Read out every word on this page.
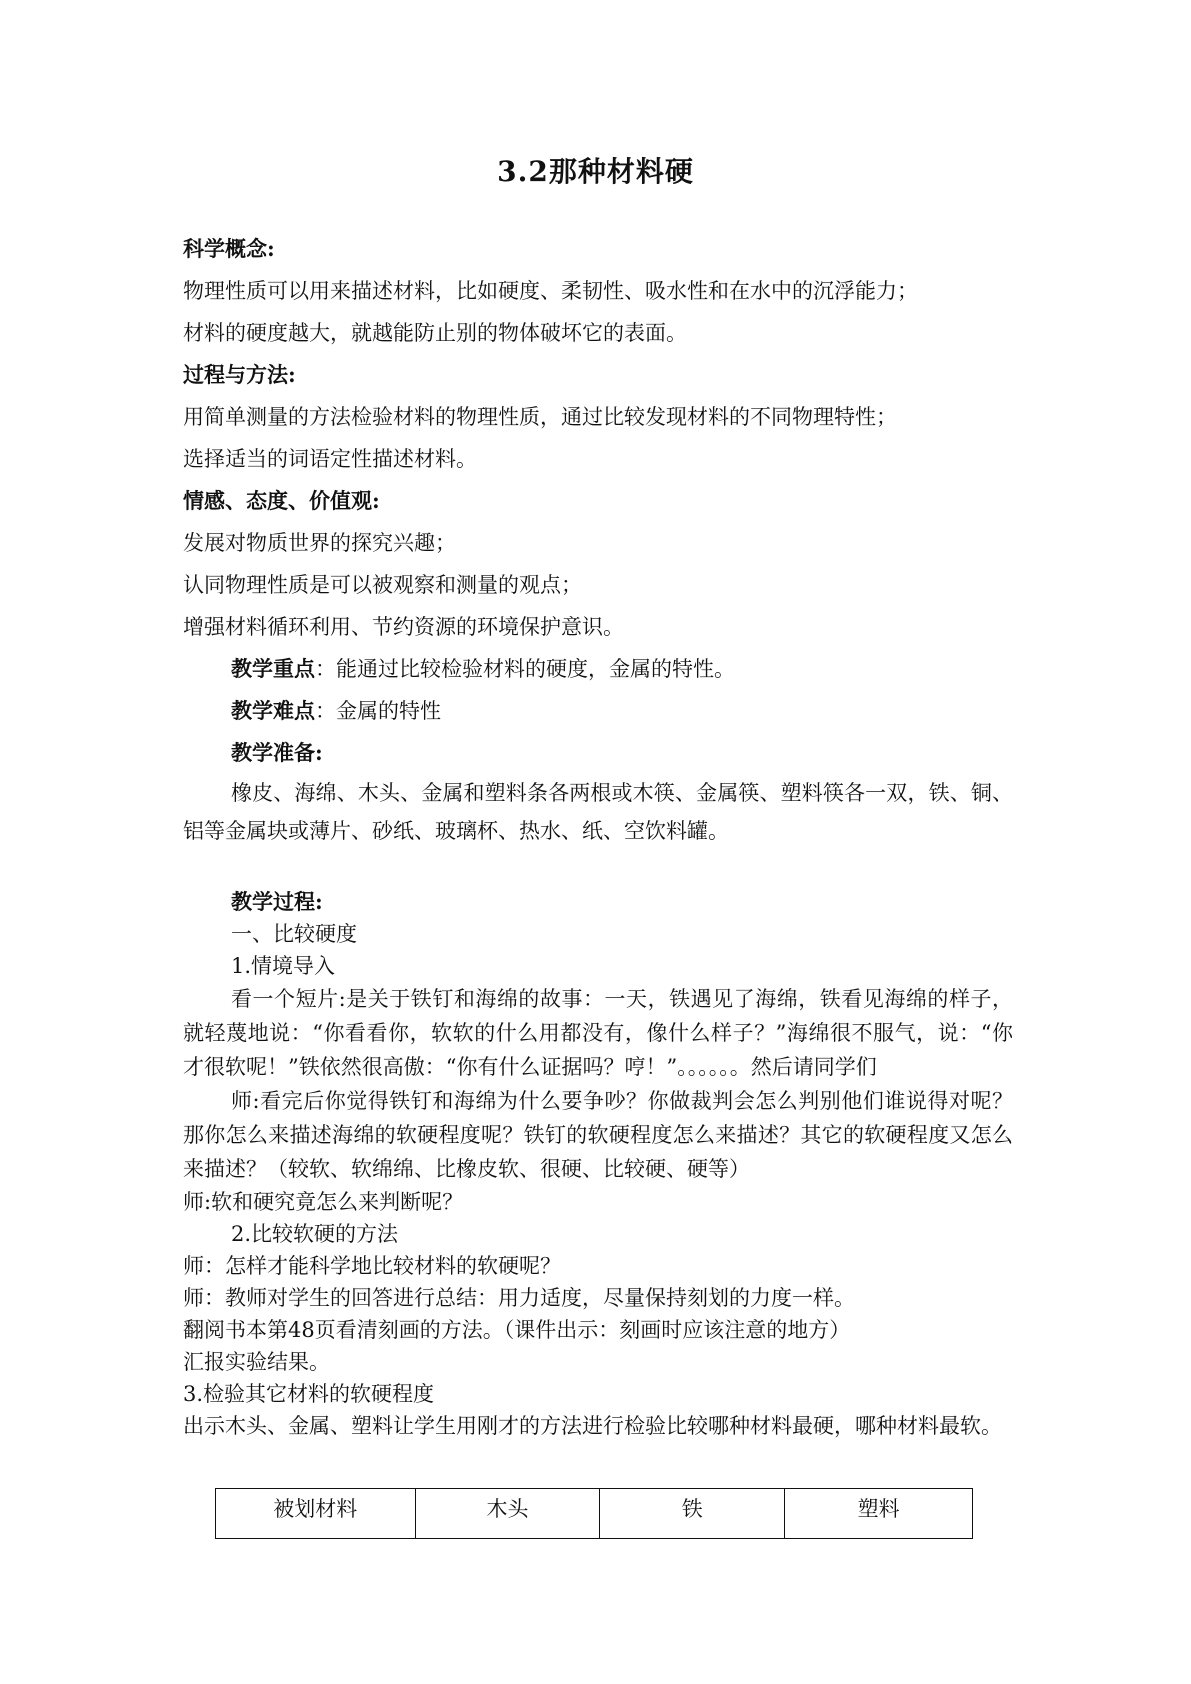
3.2那种材料硬

科学概念:

物理性质可以用来描述材料，比如硬度、柔韧性、吸水性和在水中的沉浮能力；

材料的硬度越大，就越能防止别的物体破坏它的表面。

过程与方法:

用简单测量的方法检验材料的物理性质，通过比较发现材料的不同物理特性；

选择适当的词语定性描述材料。

情感、态度、价值观:

发展对物质世界的探究兴趣；

认同物理性质是可以被观察和测量的观点；

增强材料循环利用、节约资源的环境保护意识。

教学重点：能通过比较检验材料的硬度，金属的特性。

教学难点：金属的特性

教学准备:

橡皮、海绵、木头、金属和塑料条各两根或木筷、金属筷、塑料筷各一双，铁、铜、铝等金属块或薄片、砂纸、玻璃杯、热水、纸、空饮料罐。

教学过程:

一、比较硬度

1.情境导入

看一个短片:是关于铁钉和海绵的故事：一天，铁遇见了海绵，铁看见海绵的样子，就轻蔑地说：“你看看你，软软的什么用都没有，像什么样子？”海绵很不服气，说：“你才很软呢！”铁依然很高傲：“你有什么证据吗？哼！”。。。。。。然后请同学们

师:看完后你觉得铁钉和海绵为什么要争吵？你做裁判会怎么判别他们谁说得对呢？那你怎么来描述海绵的软硬程度呢？铁钉的软硬程度怎么来描述？其它的软硬程度又怎么来描述？（较软、软绵绵、比橡皮软、很硬、比较硬、硬等）

师:软和硬究竟怎么来判断呢？

2.比较软硬的方法

师：怎样才能科学地比较材料的软硬呢？

师：教师对学生的回答进行总结：用力适度，尽量保持刻划的力度一样。

翻阅书本第48页看清刻画的方法。（课件出示：刻画时应该注意的地方）

汇报实验结果。

3.检验其它材料的软硬程度

出示木头、金属、塑料让学生用刚才的方法进行检验比较哪种材料最硬，哪种材料最软。

被划材料	木头	铁	塑料
